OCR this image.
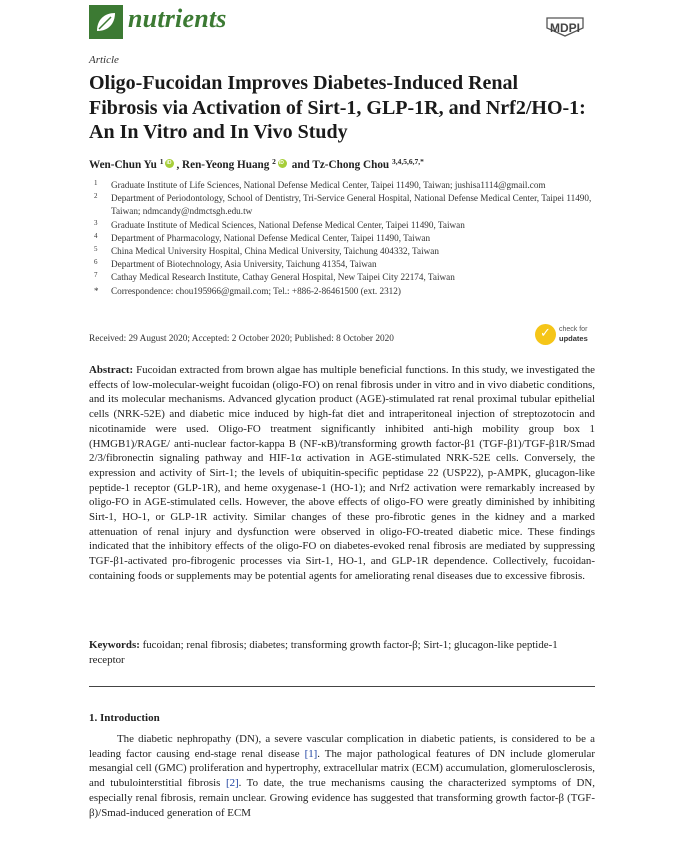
nutrients	MDPI
Article
Oligo-Fucoidan Improves Diabetes-Induced Renal Fibrosis via Activation of Sirt-1, GLP-1R, and Nrf2/HO-1: An In Vitro and In Vivo Study
Wen-Chun Yu $^1$ iD , Ren-Yeong Huang $^2$ iD and Tz-Chong Chou $^{3,4,5,6,7,*}$
1 Graduate Institute of Life Sciences, National Defense Medical Center, Taipei 11490, Taiwan; jushisa1114@gmail.com
2 Department of Periodontology, School of Dentistry, Tri-Service General Hospital, National Defense Medical Center, Taipei 11490, Taiwan; ndmcandy@ndmctsgh.edu.tw
3 Graduate Institute of Medical Sciences, National Defense Medical Center, Taipei 11490, Taiwan
4 Department of Pharmacology, National Defense Medical Center, Taipei 11490, Taiwan
5 China Medical University Hospital, China Medical University, Taichung 404332, Taiwan
6 Department of Biotechnology, Asia University, Taichung 41354, Taiwan
7 Cathay Medical Research Institute, Cathay General Hospital, New Taipei City 22174, Taiwan
* Correspondence: chou195966@gmail.com; Tel.: +886-2-86461500 (ext. 2312)
✓ check for
updates
Received: 29 August 2020; Accepted: 2 October 2020; Published: 8 October 2020
Abstract: Fucoidan extracted from brown algae has multiple beneficial functions. In this study, we investigated the effects of low-molecular-weight fucoidan (oligo-FO) on renal fibrosis under in vitro and in vivo diabetic conditions, and its molecular mechanisms. Advanced glycation product (AGE)-stimulated rat renal proximal tubular epithelial cells (NRK-52E) and diabetic mice induced by high-fat diet and intraperitoneal injection of streptozotocin and nicotinamide were used. Oligo-FO treatment significantly inhibited anti-high mobility group box 1 (HMGB1)/RAGE/ anti-nuclear factor-kappa B (NF-κB)/transforming growth factor-β1 (TGF-β1)/TGF-β1R/Smad 2/3/fibronectin signaling pathway and HIF-1α activation in AGE-stimulated NRK-52E cells. Conversely, the expression and activity of Sirt-1; the levels of ubiquitin-specific peptidase 22 (USP22), p-AMPK, glucagon-like peptide-1 receptor (GLP-1R), and heme oxygenase-1 (HO-1); and Nrf2 activation were remarkably increased by oligo-FO in AGE-stimulated cells. However, the above effects of oligo-FO were greatly diminished by inhibiting Sirt-1, HO-1, or GLP-1R activity. Similar changes of these pro-fibrotic genes in the kidney and a marked attenuation of renal injury and dysfunction were observed in oligo-FO-treated diabetic mice. These findings indicated that the inhibitory effects of the oligo-FO on diabetes-evoked renal fibrosis are mediated by suppressing TGF-β1-activated pro-fibrogenic processes via Sirt-1, HO-1, and GLP-1R dependence. Collectively, fucoidan-containing foods or supplements may be potential agents for ameliorating renal diseases due to excessive fibrosis.
Keywords: fucoidan; renal fibrosis; diabetes; transforming growth factor-β; Sirt-1; glucagon-like peptide-1 receptor
1. Introduction
The diabetic nephropathy (DN), a severe vascular complication in diabetic patients, is considered to be a leading factor causing end-stage renal disease [1]. The major pathological features of DN include glomerular mesangial cell (GMC) proliferation and hypertrophy, extracellular matrix (ECM) accumulation, glomerulosclerosis, and tubulointerstitial fibrosis [2]. To date, the true mechanisms causing the characterized symptoms of DN, especially renal fibrosis, remain unclear. Growing evidence has suggested that transforming growth factor-β (TGF-β)/Smad-induced generation of ECM
